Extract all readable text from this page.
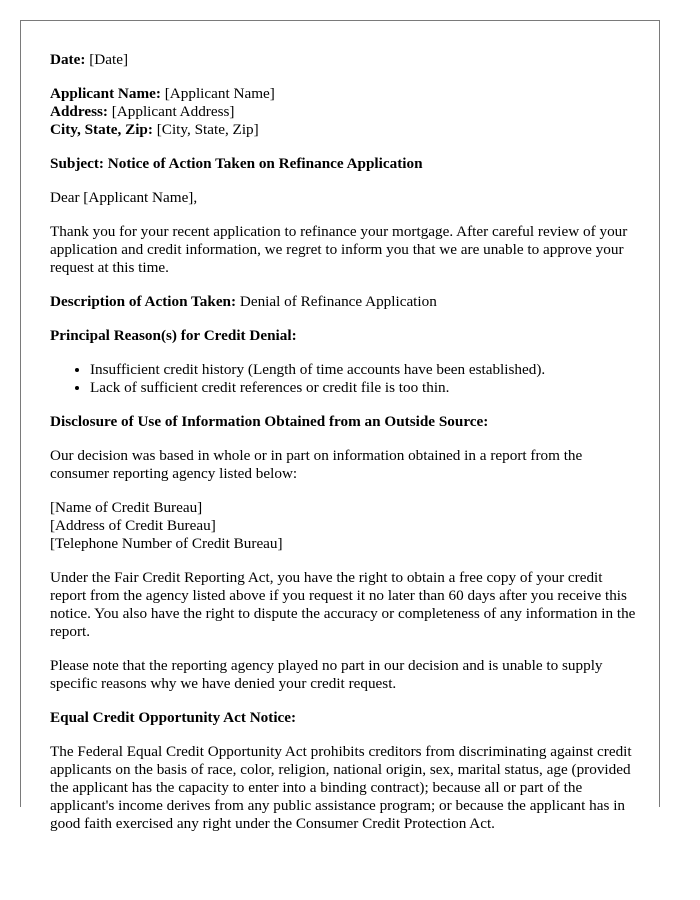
Date: [Date]

Applicant Name: [Applicant Name]
Address: [Applicant Address]
City, State, Zip: [City, State, Zip]

Subject: Notice of Action Taken on Refinance Application

Dear [Applicant Name],

Thank you for your recent application to refinance your mortgage. After careful review of your application and credit information, we regret to inform you that we are unable to approve your request at this time.

Description of Action Taken: Denial of Refinance Application

Principal Reason(s) for Credit Denial:

• Insufficient credit history (Length of time accounts have been established).
• Lack of sufficient credit references or credit file is too thin.

Disclosure of Use of Information Obtained from an Outside Source:

Our decision was based in whole or in part on information obtained in a report from the consumer reporting agency listed below:

[Name of Credit Bureau]
[Address of Credit Bureau]
[Telephone Number of Credit Bureau]

Under the Fair Credit Reporting Act, you have the right to obtain a free copy of your credit report from the agency listed above if you request it no later than 60 days after you receive this notice. You also have the right to dispute the accuracy or completeness of any information in the report.

Please note that the reporting agency played no part in our decision and is unable to supply specific reasons why we have denied your credit request.

Equal Credit Opportunity Act Notice:

The Federal Equal Credit Opportunity Act prohibits creditors from discriminating against credit applicants on the basis of race, color, religion, national origin, sex, marital status, age (provided the applicant has the capacity to enter into a binding contract); because all or part of the applicant's income derives from any public assistance program; or because the applicant has in good faith exercised any right under the Consumer Credit Protection Act.
